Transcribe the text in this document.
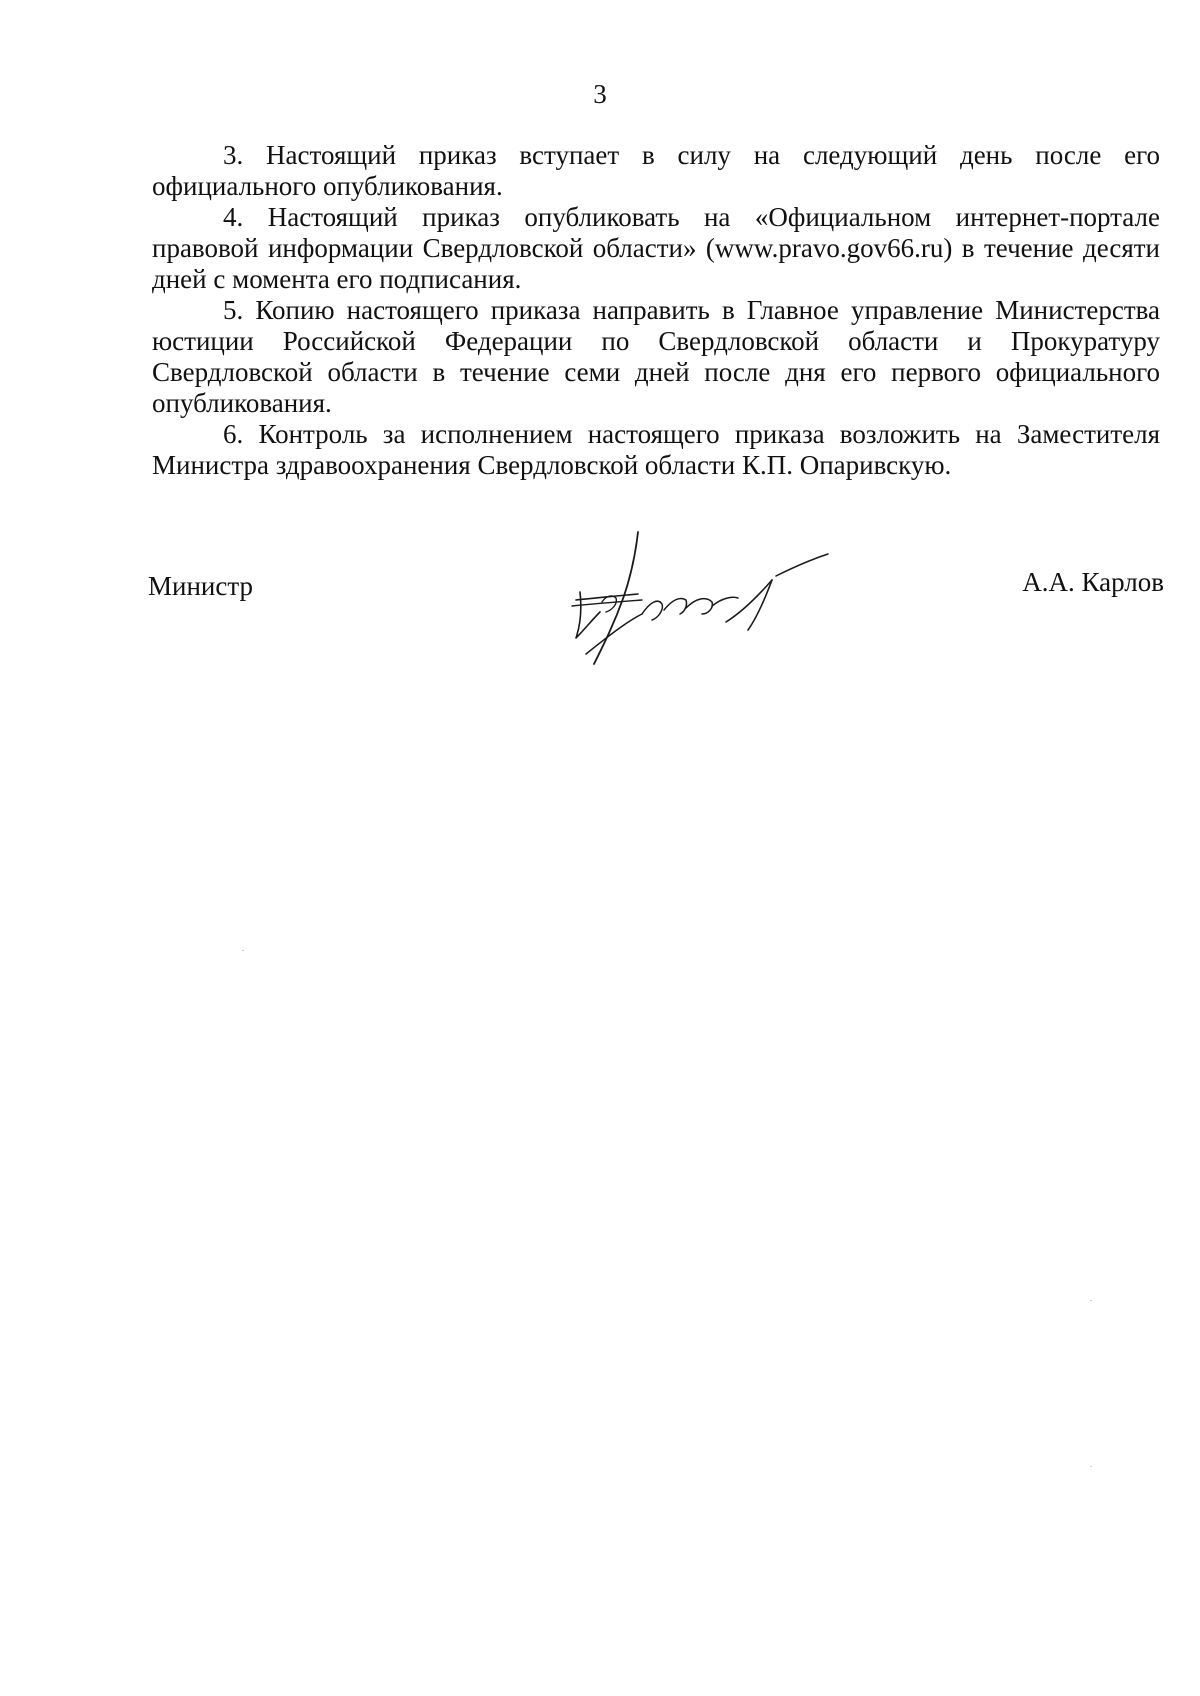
3

3. Настоящий приказ вступает в силу на следующий день после его официального опубликования.

4. Настоящий приказ опубликовать на «Официальном интернет-портале правовой информации Свердловской области» (www.pravo.gov66.ru) в течение десяти дней с момента его подписания.

5. Копию настоящего приказа направить в Главное управление Министерства юстиции Российской Федерации по Свердловской области и Прокуратуру Свердловской области в течение семи дней после дня его первого официального опубликования.

6. Контроль за исполнением настоящего приказа возложить на Заместителя Министра здравоохранения Свердловской области К.П. Опаривскую.

Министр	А.А. Карлов
